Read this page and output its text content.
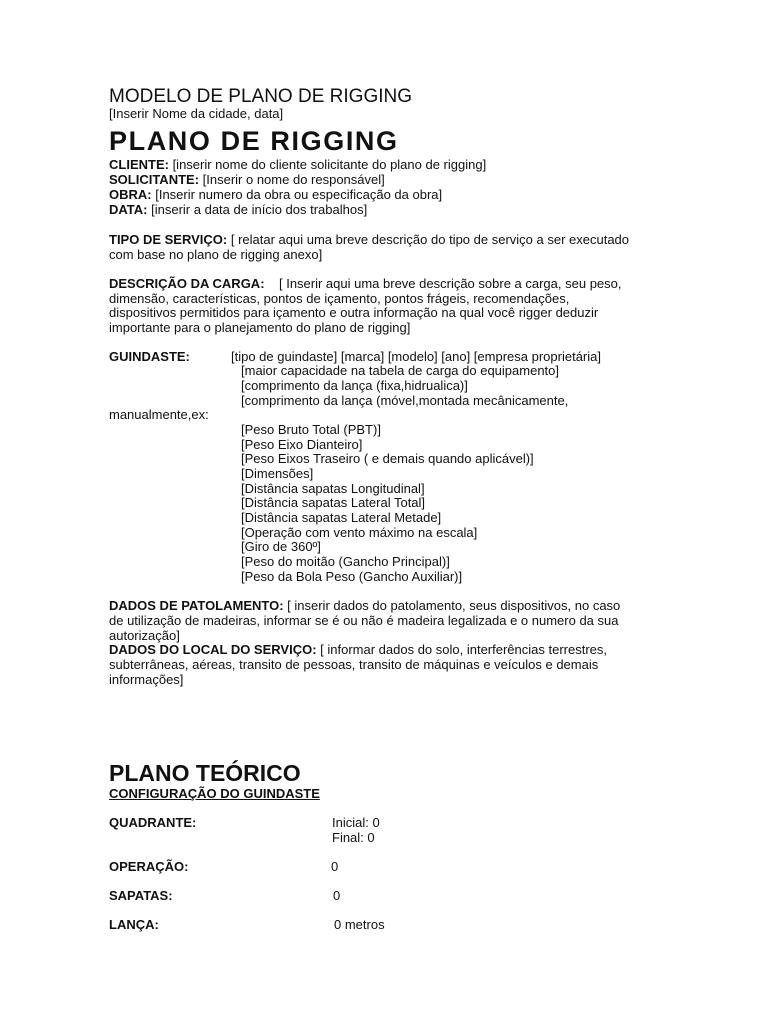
MODELO DE PLANO DE RIGGING
[Inserir Nome da cidade, data]
PLANO DE RIGGING
CLIENTE: [inserir nome do cliente solicitante do plano de rigging]
SOLICITANTE: [Inserir o nome do responsável]
OBRA: [Inserir numero da obra ou especificação da obra]
DATA: [inserir a data de início dos trabalhos]
TIPO DE SERVIÇO: [ relatar aqui uma breve descrição do tipo de serviço a ser executado
com base no plano de rigging anexo]
DESCRIÇÃO DA CARGA:    [ Inserir aqui uma breve descrição sobre a carga, seu peso,
dimensão, características, pontos de içamento, pontos frágeis, recomendações,
dispositivos permitidos para içamento e outra informação na qual você rigger deduzir
importante para o planejamento do plano de rigging]
GUINDASTE:	[tipo de guindaste] [marca] [modelo] [ano] [empresa proprietária]
[maior capacidade na tabela de carga do equipamento]
[comprimento da lança (fixa,hidrualica)]
[comprimento da lança (móvel,montada mecânicamente,
manualmente,ex:
[Peso Bruto Total (PBT)]
[Peso Eixo Dianteiro]
[Peso Eixos Traseiro ( e demais quando aplicável)]
[Dimensões]
[Distância sapatas Longitudinal]
[Distância sapatas Lateral Total]
[Distância sapatas Lateral Metade]
[Operação com vento máximo na escala]
[Giro de 360º]
[Peso do moitão (Gancho Principal)]
[Peso da Bola Peso (Gancho Auxiliar)]
DADOS DE PATOLAMENTO: [ inserir dados do patolamento, seus dispositivos, no caso
de utilização de madeiras, informar se é ou não é madeira legalizada e o numero da sua
autorização]
DADOS DO LOCAL DO SERVIÇO: [ informar dados do solo, interferências terrestres,
subterrâneas, aéreas, transito de pessoas, transito de máquinas e veículos e demais
informações]
PLANO TEÓRICO
CONFIGURAÇÃO DO GUINDASTE
QUADRANTE:	Inicial: 0
Final: 0
OPERAÇÃO:	0
SAPATAS:	0
LANÇA:	0 metros
